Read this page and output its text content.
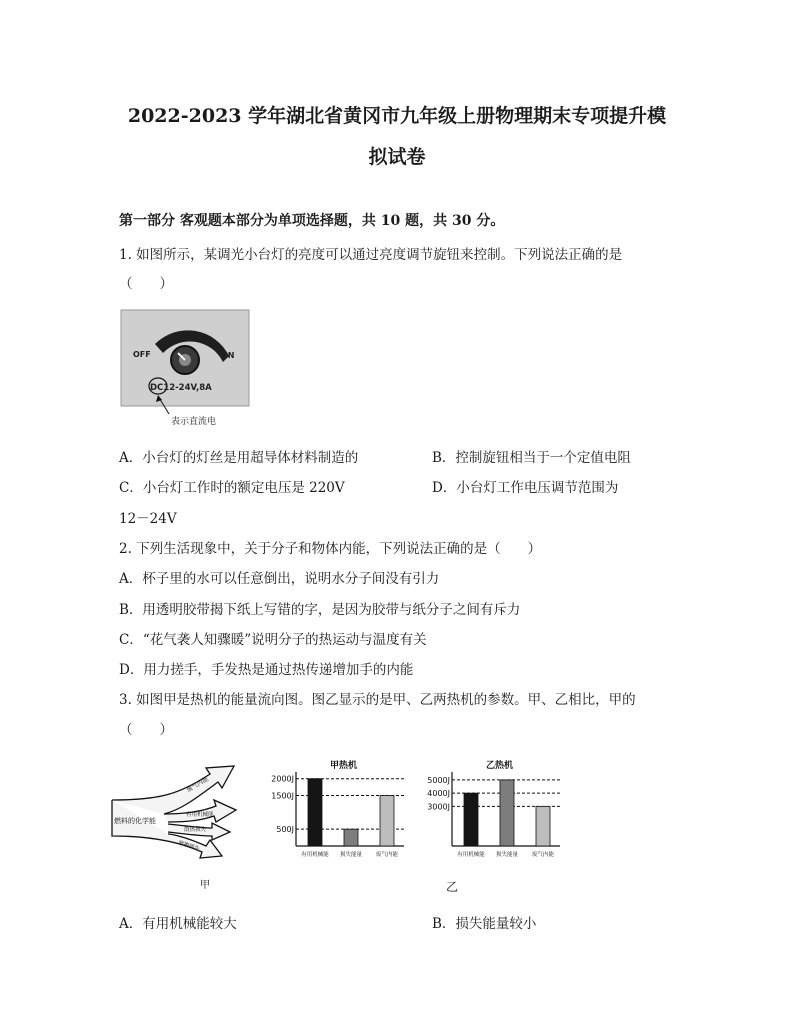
2022-2023 学年湖北省黄冈市九年级上册物理期末专项提升模
拟试卷
第一部分 客观题本部分为单项选择题，共 10 题，共 30 分。
1. 如图所示，某调光小台灯的亮度可以通过亮度调节旋钮来控制。下列说法正确的是
（　　）
OFF	ON
DC12-24V,8A
表示直流电
A．小台灯的灯丝是用超导体材料制造的	B．控制旋钮相当于一个定值电阻
C．小台灯工作时的额定电压是 220V	D．小台灯工作电压调节范围为
12－24V
2. 下列生活现象中，关于分子和物体内能，下列说法正确的是（　　）
A．杯子里的水可以任意倒出，说明水分子间没有引力
B．用透明胶带揭下纸上写错的字，是因为胶带与纸分子之间有斥力
C．“花气袭人知骤暖”说明分子的热运动与温度有关
D．用力搓手，手发热是通过热传递增加手的内能
3. 如图甲是热机的能量流向图。图乙显示的是甲、乙两热机的参数。甲、乙相比，甲的
（　　）
燃料的化学能
废气内能
有用机械能
散热损失
摩擦损失
甲
甲热机
2000J
1500J
500J
有用机械能 损失能量	废气内能
乙热机
5000J
4000J
3000J
有用机械能 损失能量	废气内能
乙
A．有用机械能较大	B．损失能量较小
